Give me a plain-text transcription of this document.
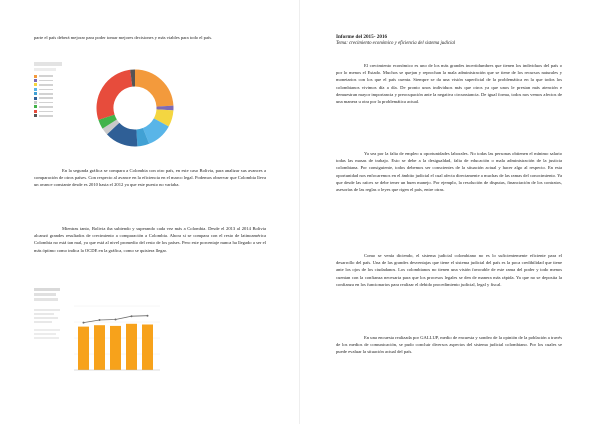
parte el país deberá mejorar para poder tomar mejores decisiones y más viables para todo el país.

En la segunda gráfica se compara a Colombia con otro país, en este caso Bolivia, para analizar sus avances a comparación de otros países. Con respecto al avance en la eficiencia en el marco legal. Podemos observar que Colombia lleva un avance constante desde es 2010 hasta el 2012 ya que este puesto no varíaba.

Mientras tanto, Bolivia iba subiendo y superando cada vez más a Colombia. Desde el 2013 al 2014 Bolivia alcanzó grandes resultados de crecimiento a comparación a Colombia. Ahora si se compara con el resto de latinoamérica Colombia no está tan mal, ya que está al nivel promedio del resto de los países. Pero este porcentaje nunca ha llegado a ser el más óptimo como indica la OCDE en la gráfica, como se quisiera llegar.

Informe del 2015- 2016
Tema: crecimiento económico y eficiencia del sistema judicial

El crecimiento económico es uno de los más grandes incertidumbres que tienen los individuos del país o por lo menos el Estado. Muchos se quejan y reprochan la mala administración que se tiene de los recursos naturales y monetarios con los que el país cuenta. Siempre se da una visión superficial de la problemática en la que todos los colombianos vivimos día a día. De pronto unos individuos más que otros ya que unos le prestan más atención e demuestran mayor importancia y preocupación ante la negativa circunstancia. De igual forma, todos nos vemos afectos de una manera u otra por la problemática actual.

Ya sea por la falta de empleo u oportunidades laborales. No todas las personas obtienen el mínimo salario todas las masas de trabajo. Esto se debe a la desigualdad, falta de educación o mala administración de la justicia colombiana. Por consiguiente, todos debemos ser conscientes de la situación actual y hacer algo al respecto. En esta oportunidad nos enfocaremos en el ámbito judicial el cual afecta directamente a muchas de las ramas del conocimiento. Ya que desde las raíces se debe tener un buen manejo. Por ejemplo, la resolución de disputas, financiación de los contratos, asesorías de las reglas o leyes que rigen el país, entre otras.

Como se venía diciendo, el sistema judicial colombiano no es lo suficientemente eficiente para el desarrollo del país. Una de las grandes desventajas que tiene el sistema judicial del país es la poca credibilidad que tiene ante los ojos de los ciudadanos. Los colombianos no tienen una visión favorable de este rama del poder y todo menos cuentan con la confianza necesaria para que los procesos legales se den de manera más rápida. Ya que no se deposita la confianza en los funcionarios para realizar el debido procedimiento judicial, legal y fiscal.

En una encuesta realizada por GALLUP, medio de encuesta y sondeo de la opinión de la población a través de los medios de comunicación, se pudo concluir diversos aspectos del sistema judicial colombiano. Por los cuales se puede evaluar la situación actual del país.
